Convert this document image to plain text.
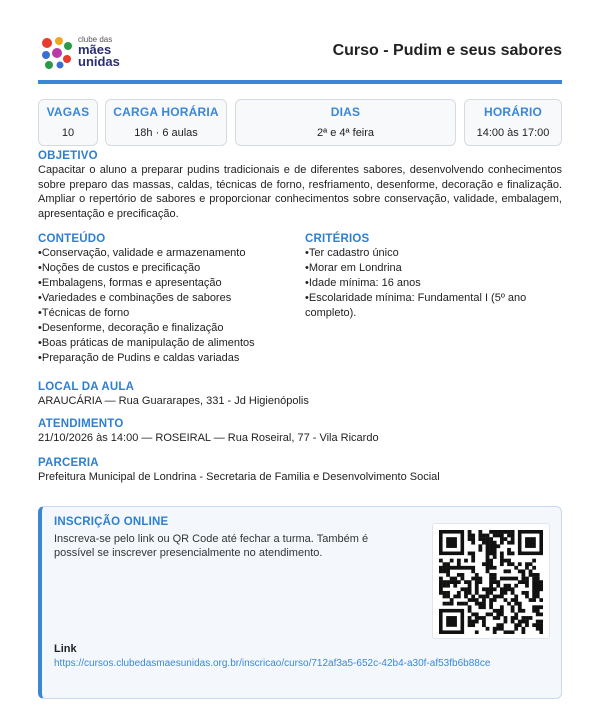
clube das
mães
unidas
Curso - Pudim e seus sabores
VAGAS
10
CARGA HORÁRIA
18h · 6 aulas
DIAS
2ª e 4ª feira
HORÁRIO
14:00 às 17:00
OBJETIVO
Capacitar o aluno a preparar pudins tradicionais e de diferentes sabores, desenvolvendo conhecimentos sobre preparo das massas, caldas, técnicas de forno, resfriamento, desenforme, decoração e finalização. Ampliar o repertório de sabores e proporcionar conhecimentos sobre conservação, validade, embalagem, apresentação e precificação.
CONTEÚDO
• Conservação, validade e armazenamento
• Noções de custos e precificação
• Embalagens, formas e apresentação
• Variedades e combinações de sabores
• Técnicas de forno
• Desenforme, decoração e finalização
• Boas práticas de manipulação de alimentos
• Preparação de Pudins e caldas variadas
CRITÉRIOS
• Ter cadastro único
• Morar em Londrina
• Idade mínima: 16 anos
• Escolaridade mínima: Fundamental I (5º ano completo).
LOCAL DA AULA
ARAUCÁRIA — Rua Guararapes, 331 - Jd Higienópolis
ATENDIMENTO
21/10/2026 às 14:00 — ROSEIRAL — Rua Roseiral, 77 - Vila Ricardo
PARCERIA
Prefeitura Municipal de Londrina - Secretaria de Familia e Desenvolvimento Social
INSCRIÇÃO ONLINE
Inscreva-se pelo link ou QR Code até fechar a turma. Também é possível se inscrever presencialmente no atendimento.
Link
https://cursos.clubedasmaesunidas.org.br/inscricao/curso/712af3a5-652c-42b4-a30f-af53fb6b88ce
